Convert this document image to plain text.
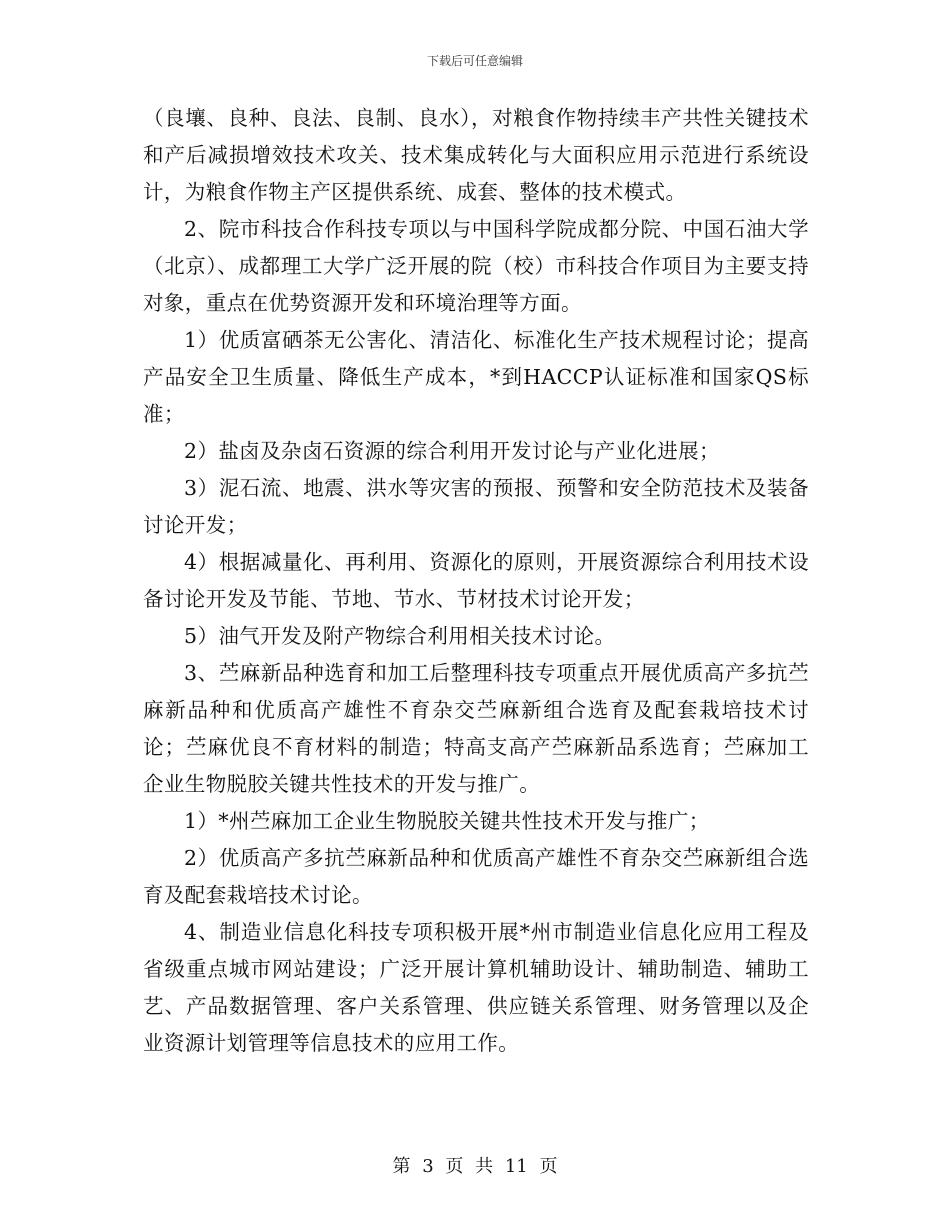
下载后可任意编辑

（良壤、良种、良法、良制、良水），对粮食作物持续丰产共性关键技术和产后减损增效技术攻关、技术集成转化与大面积应用示范进行系统设计，为粮食作物主产区提供系统、成套、整体的技术模式。

2、院市科技合作科技专项以与中国科学院成都分院、中国石油大学（北京）、成都理工大学广泛开展的院（校）市科技合作项目为主要支持对象，重点在优势资源开发和环境治理等方面。

1）优质富硒茶无公害化、清洁化、标准化生产技术规程讨论；提高产品安全卫生质量、降低生产成本，*到HACCP认证标准和国家QS标准；

2）盐卤及杂卤石资源的综合利用开发讨论与产业化进展；

3）泥石流、地震、洪水等灾害的预报、预警和安全防范技术及装备讨论开发；

4）根据减量化、再利用、资源化的原则，开展资源综合利用技术设备讨论开发及节能、节地、节水、节材技术讨论开发；

5）油气开发及附产物综合利用相关技术讨论。

3、苎麻新品种选育和加工后整理科技专项重点开展优质高产多抗苎麻新品种和优质高产雄性不育杂交苎麻新组合选育及配套栽培技术讨论；苎麻优良不育材料的制造；特高支高产苎麻新品系选育；苎麻加工企业生物脱胶关键共性技术的开发与推广。

1）*州苎麻加工企业生物脱胶关键共性技术开发与推广；

2）优质高产多抗苎麻新品种和优质高产雄性不育杂交苎麻新组合选育及配套栽培技术讨论。

4、制造业信息化科技专项积极开展*州市制造业信息化应用工程及省级重点城市网站建设；广泛开展计算机辅助设计、辅助制造、辅助工艺、产品数据管理、客户关系管理、供应链关系管理、财务管理以及企业资源计划管理等信息技术的应用工作。

第 3 页 共 11 页
